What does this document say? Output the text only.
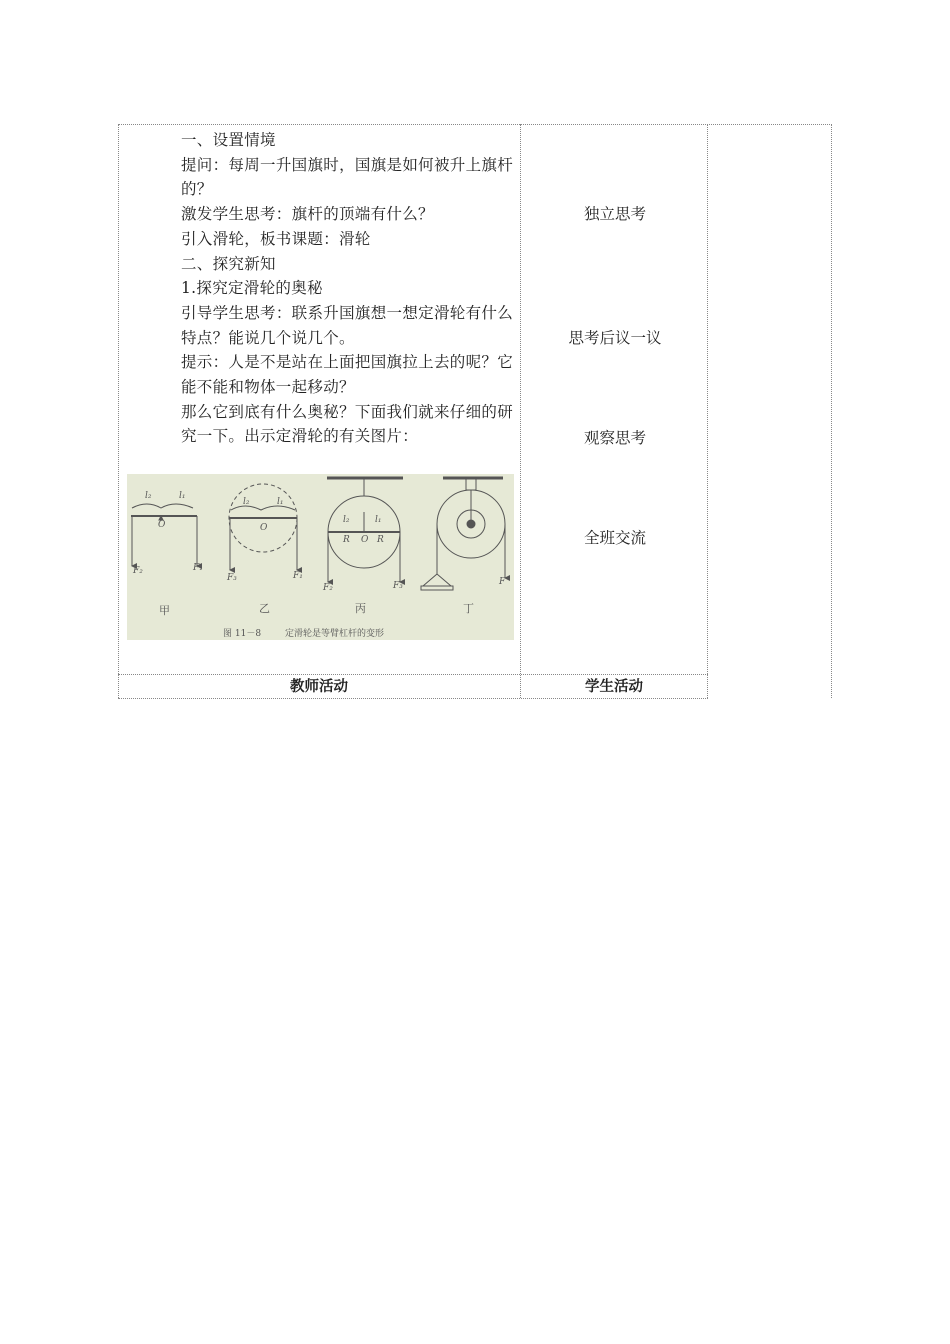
一、设置情境

提问：每周一升国旗时，国旗是如何被升上旗杆的？

激发学生思考：旗杆的顶端有什么？

引入滑轮，板书课题：滑轮

二、探究新知

1.探究定滑轮的奥秘

引导学生思考：联系升国旗想一想定滑轮有什么特点？能说几个说几个。

提示：人是不是站在上面把国旗拉上去的呢？它能不能和物体一起移动？

那么它到底有什么奥秘？下面我们就来仔细的研究一下。出示定滑轮的有关图片：

独立思考
思考后议一议
观察思考
全班交流
l₂	l₁
O
F₂	F₁
l₂	l₁
O
F₃	F₁
l₂	l₁
R O R
F₂	F₃	F
甲	乙	丙	丁
图 11－8	定滑轮是等臂杠杆的变形
教师活动	学生活动
